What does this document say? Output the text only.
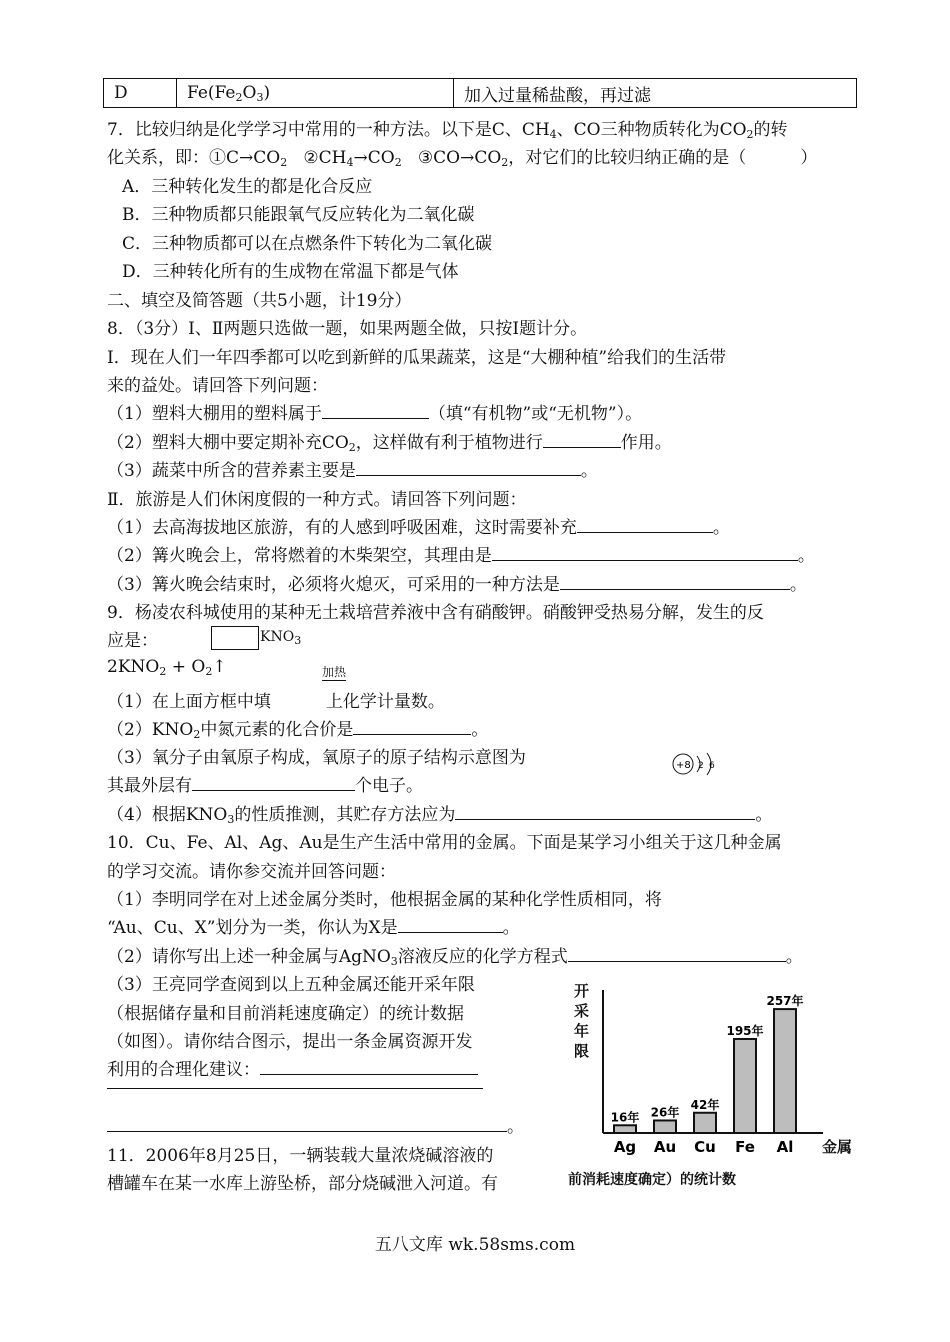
D	$Fe(Fe_2O_3)$	加入过量稀盐酸，再过滤
7．比较归纳是化学学习中常用的一种方法。以下是C、$CH_4$、CO三种物质转化为$CO_2$的转
化关系，即：$①C\to CO_2$   $②CH_4\to CO_2$   $③CO\to CO_2$，对它们的比较归纳正确的是（          ）
A．三种转化发生的都是化合反应
B．三种物质都只能跟氧气反应转化为二氧化碳
C．三种物质都可以在点燃条件下转化为二氧化碳
D．三种转化所有的生成物在常温下都是气体
二、填空及简答题（共5小题，计19分）
8．（3分）Ⅰ、Ⅱ两题只选做一题，如果两题全做，只按Ⅰ题计分。
Ⅰ．现在人们一年四季都可以吃到新鲜的瓜果蔬菜，这是“大棚种植”给我们的生活带
来的益处。请回答下列问题：
（1）塑料大棚用的塑料属于	（填“有机物”或“无机物”）。
（2）塑料大棚中要定期补充$CO_2$，这样做有利于植物进行	作用。
（3）蔬菜中所含的营养素主要是	。
Ⅱ．旅游是人们休闲度假的一种方式。请回答下列问题：
（1）去高海拔地区旅游，有的人感到呼吸困难，这时需要补充	。
（2）篝火晚会上，常将燃着的木柴架空，其理由是	。
（3）篝火晚会结束时，必须将火熄灭，可采用的一种方法是	。
9．杨凌农科城使用的某种无土栽培营养液中含有硝酸钾。硝酸钾受热易分解，发生的反
应是：	$KNO_3$
$2KNO_2$ + $O_2↑$	加热
（1）在上面方框中填	上化学计量数。
$(2)KNO_2$中氮元素的化合价是	。
（3）氧分子由氧原子构成，氧原子的原子结构示意图为
其最外层有	个电子。
+8 2 6
（4）根据$KNO_3$的性质推测，其贮存方法应为	。
10．Cu、Fe、Al、Ag、Au是生产生活中常用的金属。下面是某学习小组关于这几种金属
的学习交流。请你参交流并回答问题：
（1）李明同学在对上述金属分类时，他根据金属的某种化学性质相同，将
“Au、Cu、X”划分为一类，你认为X是	。
（2）请你写出上述一种金属与AgNO$_3$溶液反应的化学方程式	。
（3）王亮同学查阅到以上五种金属还能开采年限
（根据储存量和目前消耗速度确定）的统计数据
（如图）。请你结合图示，提出一条金属资源开发
利用的合理化建议：
。
11．2006年8月25日，一辆装载大量浓烧碱溶液的
槽罐车在某一水库上游坠桥，部分烧碱泄入河道。有
开
采
年
限
16年
Ag
26年
Au
42年
Cu
195年
Fe
257年
Al 金属
前消耗速度确定）的统计数
五八文库 wk.58sms.com
